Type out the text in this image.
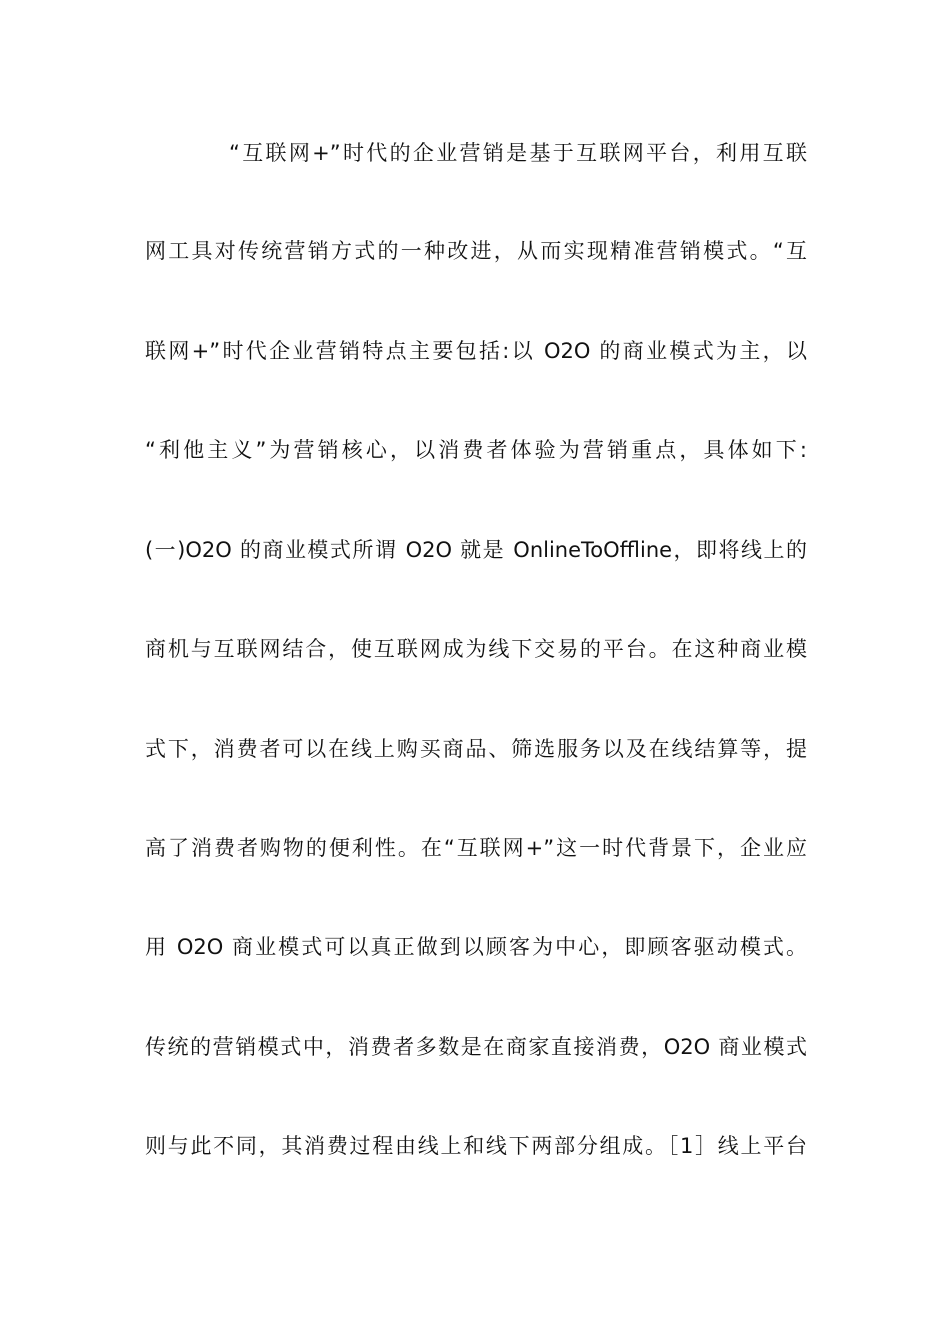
“互联网+”时代的企业营销是基于互联网平台，利用互联
网工具对传统营销方式的一种改进，从而实现精准营销模式。“互
联网+”时代企业营销特点主要包括:以 O2O 的商业模式为主，以
“利他主义”为营销核心，以消费者体验为营销重点，具体如下:
(一)O2O 的商业模式所谓 O2O 就是 OnlineToOffline，即将线上的
商机与互联网结合，使互联网成为线下交易的平台。在这种商业模
式下，消费者可以在线上购买商品、筛选服务以及在线结算等，提
高了消费者购物的便利性。在“互联网+”这一时代背景下，企业应
用 O2O 商业模式可以真正做到以顾客为中心，即顾客驱动模式。
传统的营销模式中，消费者多数是在商家直接消费，O2O 商业模式
则与此不同，其消费过程由线上和线下两部分组成。［1］线上平台
